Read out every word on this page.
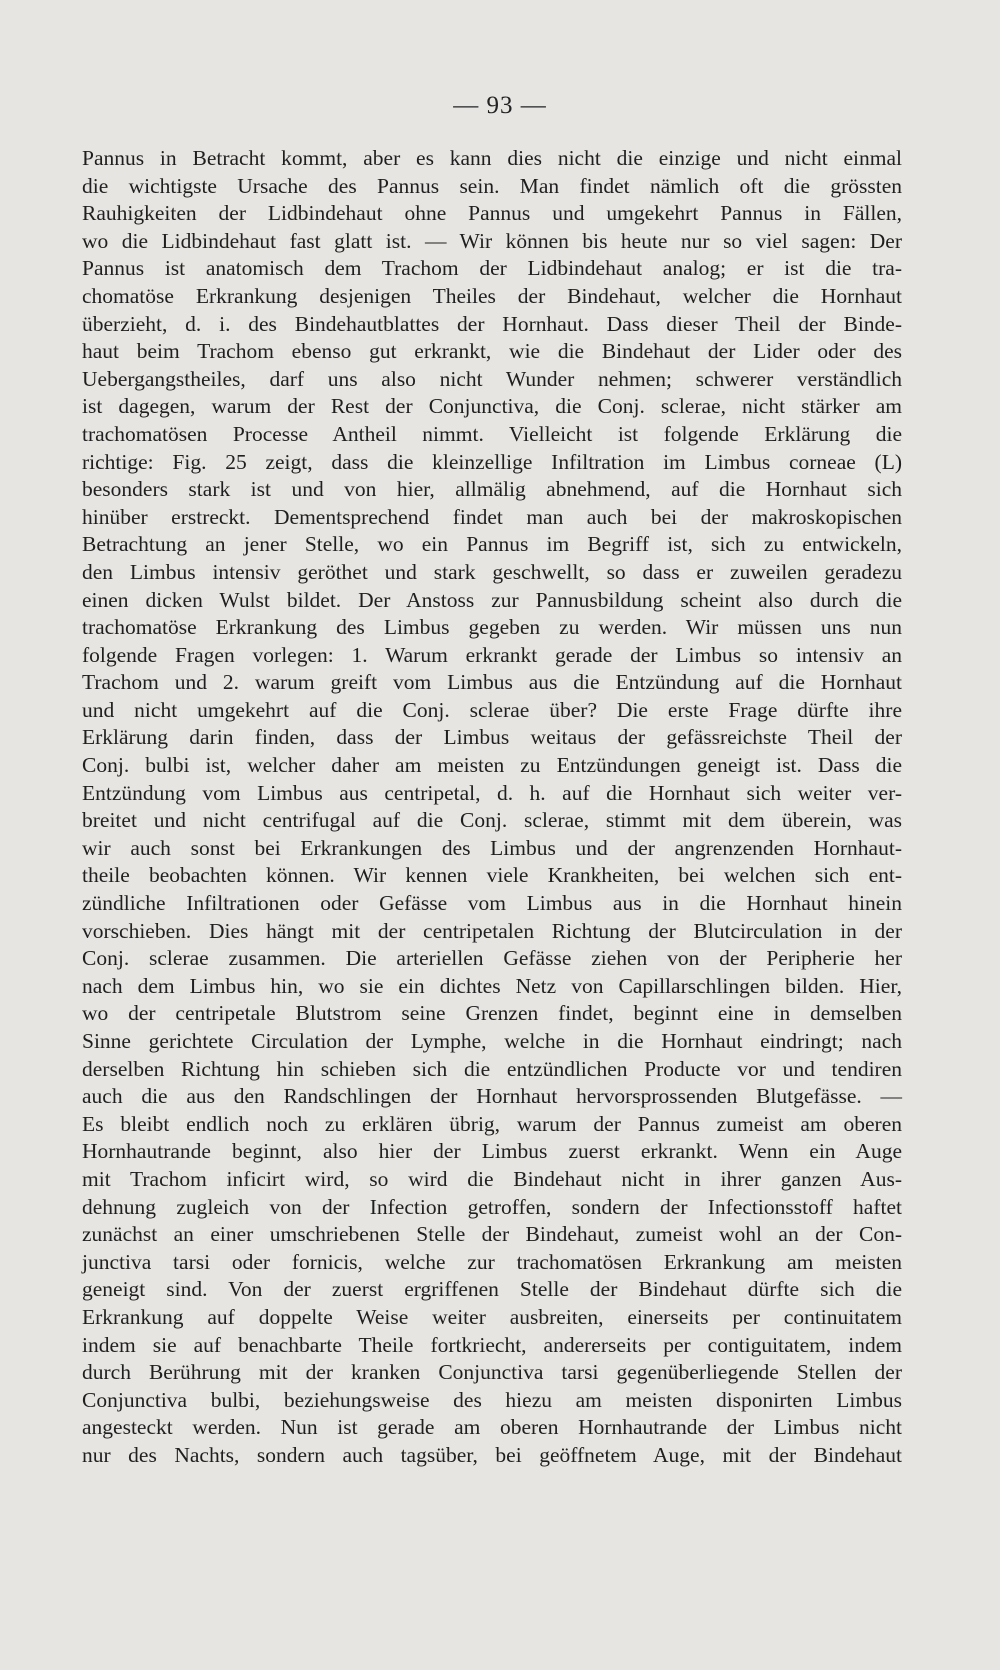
— 93 —
Pannus in Betracht kommt, aber es kann dies nicht die einzige und nicht einmal
die wichtigste Ursache des Pannus sein. Man findet nämlich oft die grössten
Rauhigkeiten der Lidbindehaut ohne Pannus und umgekehrt Pannus in Fällen,
wo die Lidbindehaut fast glatt ist. — Wir können bis heute nur so viel sagen: Der
Pannus ist anatomisch dem Trachom der Lidbindehaut analog; er ist die tra-
chomatöse Erkrankung desjenigen Theiles der Bindehaut, welcher die Hornhaut
überzieht, d. i. des Bindehautblattes der Hornhaut. Dass dieser Theil der Binde-
haut beim Trachom ebenso gut erkrankt, wie die Bindehaut der Lider oder des
Uebergangstheiles, darf uns also nicht Wunder nehmen; schwerer verständlich
ist dagegen, warum der Rest der Conjunctiva, die Conj. sclerae, nicht stärker am
trachomatösen Processe Antheil nimmt. Vielleicht ist folgende Erklärung die
richtige: Fig. 25 zeigt, dass die kleinzellige Infiltration im Limbus corneae (L)
besonders stark ist und von hier, allmälig abnehmend, auf die Hornhaut sich
hinüber erstreckt. Dementsprechend findet man auch bei der makroskopischen
Betrachtung an jener Stelle, wo ein Pannus im Begriff ist, sich zu entwickeln,
den Limbus intensiv geröthet und stark geschwellt, so dass er zuweilen geradezu
einen dicken Wulst bildet. Der Anstoss zur Pannusbildung scheint also durch die
trachomatöse Erkrankung des Limbus gegeben zu werden. Wir müssen uns nun
folgende Fragen vorlegen: 1. Warum erkrankt gerade der Limbus so intensiv an
Trachom und 2. warum greift vom Limbus aus die Entzündung auf die Hornhaut
und nicht umgekehrt auf die Conj. sclerae über? Die erste Frage dürfte ihre
Erklärung darin finden, dass der Limbus weitaus der gefässreichste Theil der
Conj. bulbi ist, welcher daher am meisten zu Entzündungen geneigt ist. Dass die
Entzündung vom Limbus aus centripetal, d. h. auf die Hornhaut sich weiter ver-
breitet und nicht centrifugal auf die Conj. sclerae, stimmt mit dem überein, was
wir auch sonst bei Erkrankungen des Limbus und der angrenzenden Hornhaut-
theile beobachten können. Wir kennen viele Krankheiten, bei welchen sich ent-
zündliche Infiltrationen oder Gefässe vom Limbus aus in die Hornhaut hinein
vorschieben. Dies hängt mit der centripetalen Richtung der Blutcirculation in der
Conj. sclerae zusammen. Die arteriellen Gefässe ziehen von der Peripherie her
nach dem Limbus hin, wo sie ein dichtes Netz von Capillarschlingen bilden. Hier,
wo der centripetale Blutstrom seine Grenzen findet, beginnt eine in demselben
Sinne gerichtete Circulation der Lymphe, welche in die Hornhaut eindringt; nach
derselben Richtung hin schieben sich die entzündlichen Producte vor und tendiren
auch die aus den Randschlingen der Hornhaut hervorsprossenden Blutgefässe. —
Es bleibt endlich noch zu erklären übrig, warum der Pannus zumeist am oberen
Hornhautrande beginnt, also hier der Limbus zuerst erkrankt. Wenn ein Auge
mit Trachom inficirt wird, so wird die Bindehaut nicht in ihrer ganzen Aus-
dehnung zugleich von der Infection getroffen, sondern der Infectionsstoff haftet
zunächst an einer umschriebenen Stelle der Bindehaut, zumeist wohl an der Con-
junctiva tarsi oder fornicis, welche zur trachomatösen Erkrankung am meisten
geneigt sind. Von der zuerst ergriffenen Stelle der Bindehaut dürfte sich die
Erkrankung auf doppelte Weise weiter ausbreiten, einerseits per continuitatem
indem sie auf benachbarte Theile fortkriecht, andererseits per contiguitatem, indem
durch Berührung mit der kranken Conjunctiva tarsi gegenüberliegende Stellen der
Conjunctiva bulbi, beziehungsweise des hiezu am meisten disponirten Limbus
angesteckt werden. Nun ist gerade am oberen Hornhautrande der Limbus nicht
nur des Nachts, sondern auch tagsüber, bei geöffnetem Auge, mit der Bindehaut
